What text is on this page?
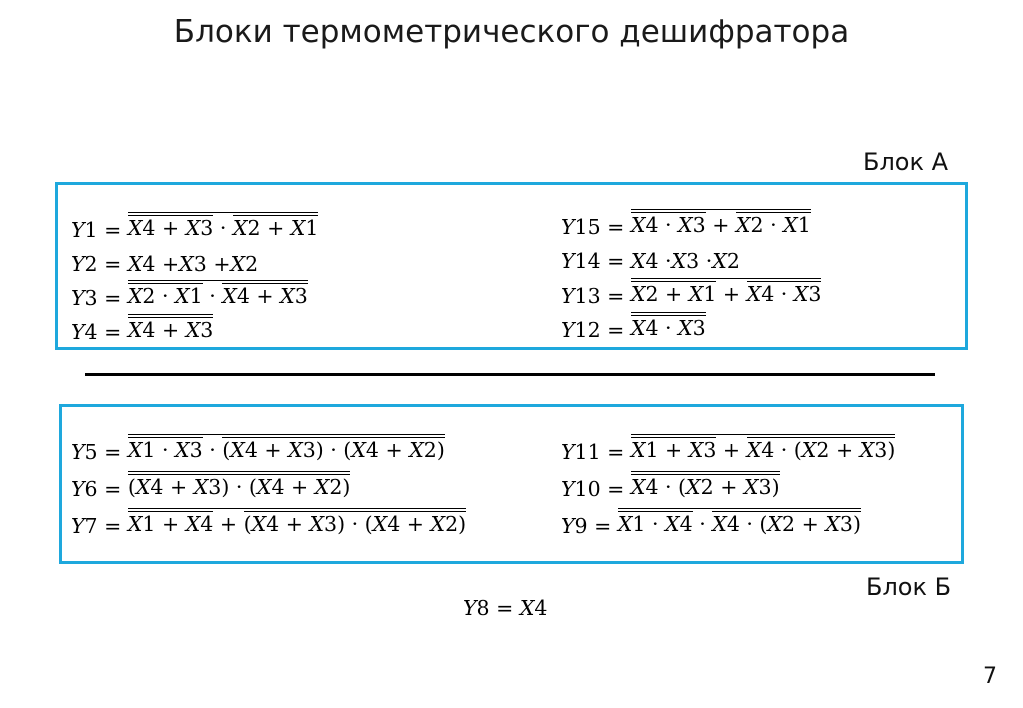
Блоки термометрического дешифратора
Блок А
Y 1 = X4 + X3 · X2 + X1
Y 2 = X 4 + X 3 + X 2
Y 3 = X2 · X1 · X4 + X3
Y 4 = X4 + X3
Y 15 = X4 · X3 + X2 · X1
Y 14 = X 4 · X 3 · X 2
Y 13 = X2 + X1 + X4 · X3
Y 12 = X4 · X3
Y 5 = X1 · X3 · (X4 + X3) · (X4 + X2)
Y 6 = (X4 + X3) · (X4 + X2)
Y 7 = X1 + X4 + (X4 + X3) · (X4 + X2)
Y 11 = X1 + X3 + X4 · (X2 + X3)
Y 10 = X4 · (X2 + X3)
Y 9 = X1 · X4 · X4 · (X2 + X3)
Блок Б
Y 8 = X 4
7
